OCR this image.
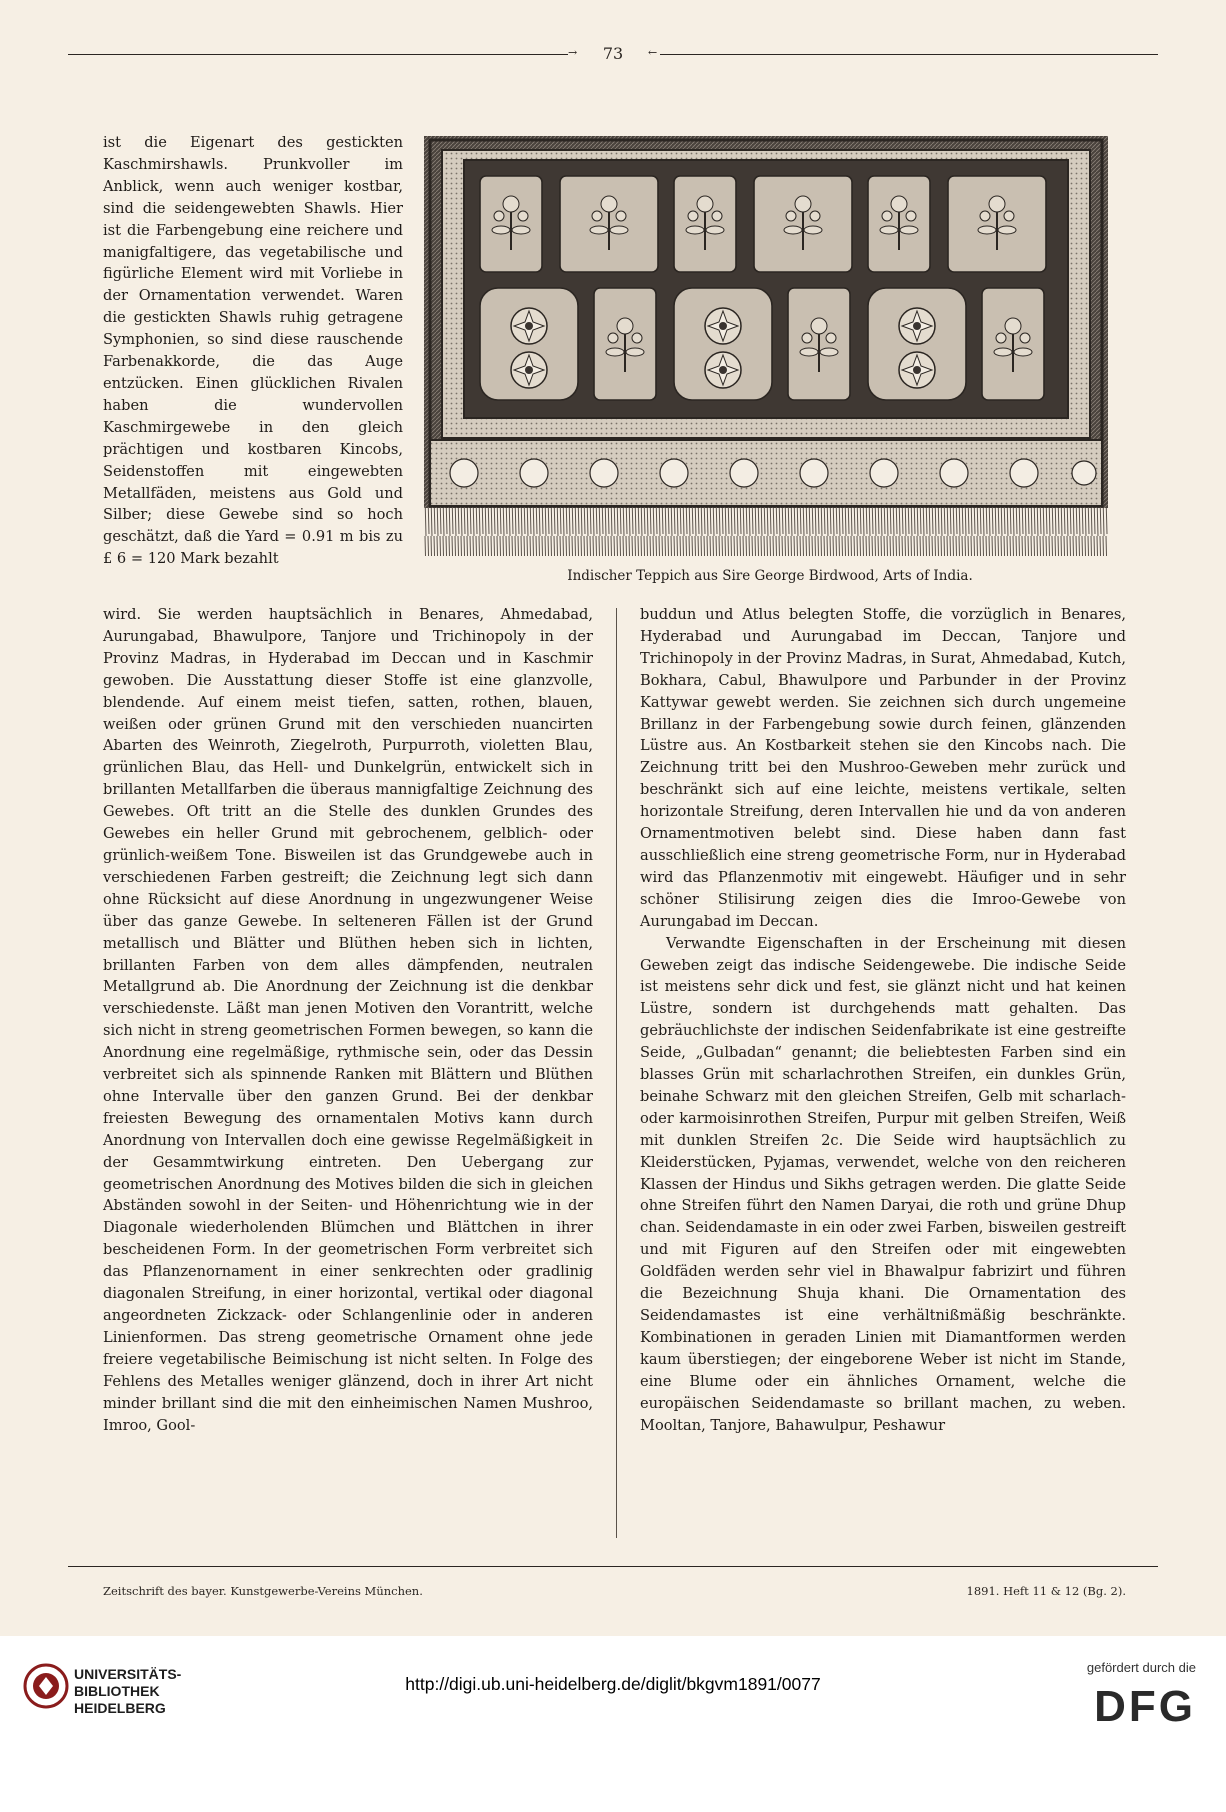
→	73	←

ist die Eigenart des gestickten Kaschmirshawls. Prunkvoller im Anblick, wenn auch weniger kostbar, sind die seidengewebten Shawls. Hier ist die Farbengebung eine reichere und manigfaltigere, das vegetabilische und figürliche Element wird mit Vorliebe in der Ornamentation verwendet. Waren die gestickten Shawls ruhig getragene Symphonien, so sind diese rauschende Farbenakkorde, die das Auge entzücken. Einen glücklichen Rivalen haben die wundervollen Kaschmirgewebe in den gleich prächtigen und kostbaren Kincobs, Seidenstoffen mit eingewebten Metallfäden, meistens aus Gold und Silber; diese Gewebe sind so hoch geschätzt, daß die Yard = 0.91 m bis zu £ 6 = 120 Mark bezahlt

Indischer Teppich aus Sire George Birdwood, Arts of India.

wird. Sie werden hauptsächlich in Benares, Ahmedabad, Aurungabad, Bhawulpore, Tanjore und Trichinopoly in der Provinz Madras, in Hyderabad im Deccan und in Kaschmir gewoben. Die Ausstattung dieser Stoffe ist eine glanzvolle, blendende. Auf einem meist tiefen, satten, rothen, blauen, weißen oder grünen Grund mit den verschieden nuancirten Abarten des Weinroth, Ziegelroth, Purpurroth, violetten Blau, grünlichen Blau, das Hell- und Dunkelgrün, entwickelt sich in brillanten Metallfarben die überaus mannigfaltige Zeichnung des Gewebes. Oft tritt an die Stelle des dunklen Grundes des Gewebes ein heller Grund mit gebrochenem, gelblich- oder grünlich-weißem Tone. Bisweilen ist das Grundgewebe auch in verschiedenen Farben gestreift; die Zeichnung legt sich dann ohne Rücksicht auf diese Anordnung in ungezwungener Weise über das ganze Gewebe. In selteneren Fällen ist der Grund metallisch und Blätter und Blüthen heben sich in lichten, brillanten Farben von dem alles dämpfenden, neutralen Metallgrund ab. Die Anordnung der Zeichnung ist die denkbar verschiedenste. Läßt man jenen Motiven den Vorantritt, welche sich nicht in streng geometrischen Formen bewegen, so kann die Anordnung eine regelmäßige, rythmische sein, oder das Dessin verbreitet sich als spinnende Ranken mit Blättern und Blüthen ohne Intervalle über den ganzen Grund. Bei der denkbar freiesten Bewegung des ornamentalen Motivs kann durch Anordnung von Intervallen doch eine gewisse Regelmäßigkeit in der Gesammtwirkung eintreten. Den Uebergang zur geometrischen Anordnung des Motives bilden die sich in gleichen Abständen sowohl in der Seiten- und Höhenrichtung wie in der Diagonale wiederholenden Blümchen und Blättchen in ihrer bescheidenen Form. In der geometrischen Form verbreitet sich das Pflanzenornament in einer senkrechten oder gradlinig diagonalen Streifung, in einer horizontal, vertikal oder diagonal angeordneten Zickzack- oder Schlangenlinie oder in anderen Linienformen. Das streng geometrische Ornament ohne jede freiere vegetabilische Beimischung ist nicht selten. In Folge des Fehlens des Metalles weniger glänzend, doch in ihrer Art nicht minder brillant sind die mit den einheimischen Namen Mushroo, Imroo, Gool-

buddun und Atlus belegten Stoffe, die vorzüglich in Benares, Hyderabad und Aurungabad im Deccan, Tanjore und Trichinopoly in der Provinz Madras, in Surat, Ahmedabad, Kutch, Bokhara, Cabul, Bhawulpore und Parbunder in der Provinz Kattywar gewebt werden. Sie zeichnen sich durch ungemeine Brillanz in der Farbengebung sowie durch feinen, glänzenden Lüstre aus. An Kostbarkeit stehen sie den Kincobs nach. Die Zeichnung tritt bei den Mushroo-Geweben mehr zurück und beschränkt sich auf eine leichte, meistens vertikale, selten horizontale Streifung, deren Intervallen hie und da von anderen Ornamentmotiven belebt sind. Diese haben dann fast ausschließlich eine streng geometrische Form, nur in Hyderabad wird das Pflanzenmotiv mit eingewebt. Häufiger und in sehr schöner Stilisirung zeigen dies die Imroo-Gewebe von Aurungabad im Deccan.

Verwandte Eigenschaften in der Erscheinung mit diesen Geweben zeigt das indische Seidengewebe. Die indische Seide ist meistens sehr dick und fest, sie glänzt nicht und hat keinen Lüstre, sondern ist durchgehends matt gehalten. Das gebräuchlichste der indischen Seidenfabrikate ist eine gestreifte Seide, „Gulbadan“ genannt; die beliebtesten Farben sind ein blasses Grün mit scharlachrothen Streifen, ein dunkles Grün, beinahe Schwarz mit den gleichen Streifen, Gelb mit scharlach- oder karmoisinrothen Streifen, Purpur mit gelben Streifen, Weiß mit dunklen Streifen 2c. Die Seide wird hauptsächlich zu Kleiderstücken, Pyjamas, verwendet, welche von den reicheren Klassen der Hindus und Sikhs getragen werden. Die glatte Seide ohne Streifen führt den Namen Daryai, die roth und grüne Dhup chan. Seidendamaste in ein oder zwei Farben, bisweilen gestreift und mit Figuren auf den Streifen oder mit eingewebten Goldfäden werden sehr viel in Bhawalpur fabrizirt und führen die Bezeichnung Shuja khani. Die Ornamentation des Seidendamastes ist eine verhältnißmäßig beschränkte. Kombinationen in geraden Linien mit Diamantformen werden kaum überstiegen; der eingeborene Weber ist nicht im Stande, eine Blume oder ein ähnliches Ornament, welche die europäischen Seidendamaste so brillant machen, zu weben. Mooltan, Tanjore, Bahawulpur, Peshawur

Zeitschrift des bayer. Kunstgewerbe-Vereins München.	1891. Heft 11 & 12 (Bg. 2).
UNIVERSITÄTS-
BIBLIOTHEK
HEIDELBERG
http://digi.ub.uni-heidelberg.de/diglit/bkgvm1891/0077
gefördert durch die
DFG
